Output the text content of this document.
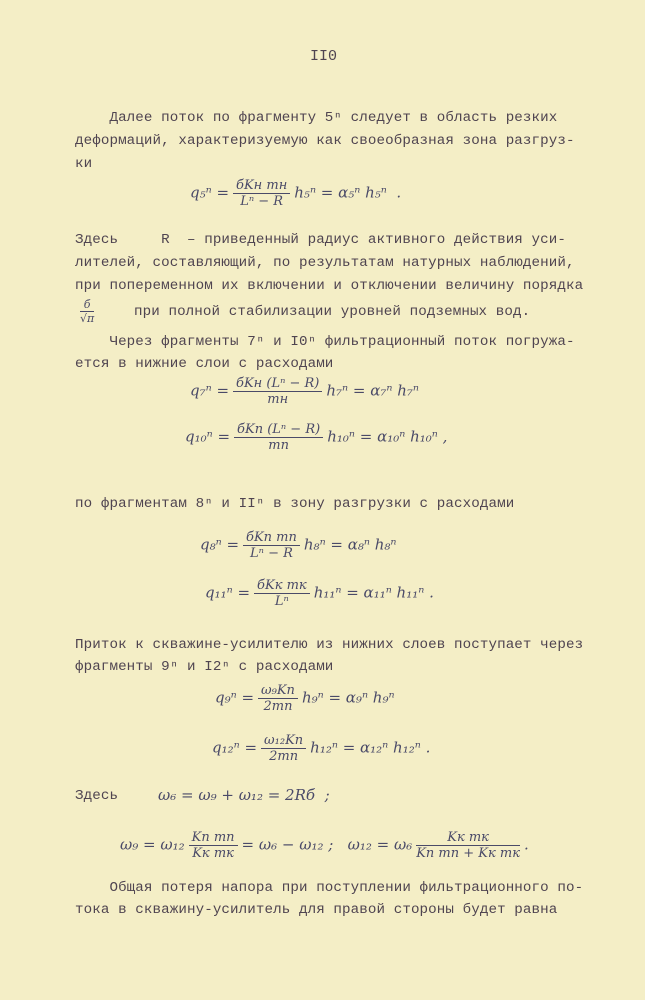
II0
Далее поток по фрагменту 5ⁿ следует в область резких
деформаций, характеризуемую как своеобразная зона разгруз-
ки
$q_5^n = \frac{\text{бKн mн}}{\text{Lⁿ − R}} h_5^n = \alpha_5^n$ h₅ⁿ  .
Здесь     R  – приведенный радиус активного действия уси-
лителей, составляющий, по результатам натурных наблюдений,
при попеременном их включении и отключении величину порядка
$\frac{б}{√\pi}$	при полной стабилизации уровней подземных вод.
Через фрагменты 7ⁿ и I0ⁿ фильтрационный поток погружа-
ется в нижние слои с расходами
$q_7^n = \frac{\text{бKн (Lⁿ − R)}}{mн} h_7^n = \alpha_7^n$ h₇ⁿ
$q_{10}^n = \frac{\text{бKп (Lⁿ − R)}}{mп} h_{10}^n = \alpha_{10}^n$ h₁₀ⁿ ,
по фрагментам 8ⁿ и IIⁿ в зону разгрузки с расходами
$q_8^n = \frac{\text{бKп mп}}{\text{Lⁿ − R}} h_8^n = \alpha_8^n$ h₈ⁿ
$q_{11}^n = \frac{\text{бKк mк}}{\text{Lⁿ}} h_{11}^n = \alpha_{11}^n$ h₁₁ⁿ .
Приток к скважине-усилителю из нижних слоев поступает через
фрагменты 9ⁿ и I2ⁿ с расходами
$q_9^n = \frac{\text{ω₉Kп}}{2mп} h_9^n = \alpha_9^n$ h₉ⁿ
$q_{12}^n = \frac{\text{ω₁₂Kп}}{2mп} h_{12}^n = \alpha_{12}^n$ h₁₂ⁿ .
Здесь	ω₆ = ω₉ + ω₁₂ = 2Rб  ;
$\omega_9 = \omega_{12} \frac{\text{Kп mп}}{\text{Kк mк}} = \omega_6 - \omega_{12}$ ;   $\omega_{12} = \omega_6 \frac{\text{Kк mк}}{\text{Kп mп + Kк mк}}$ .
Общая потеря напора при поступлении фильтрационного по-
тока в скважину-усилитель для правой стороны будет равна
